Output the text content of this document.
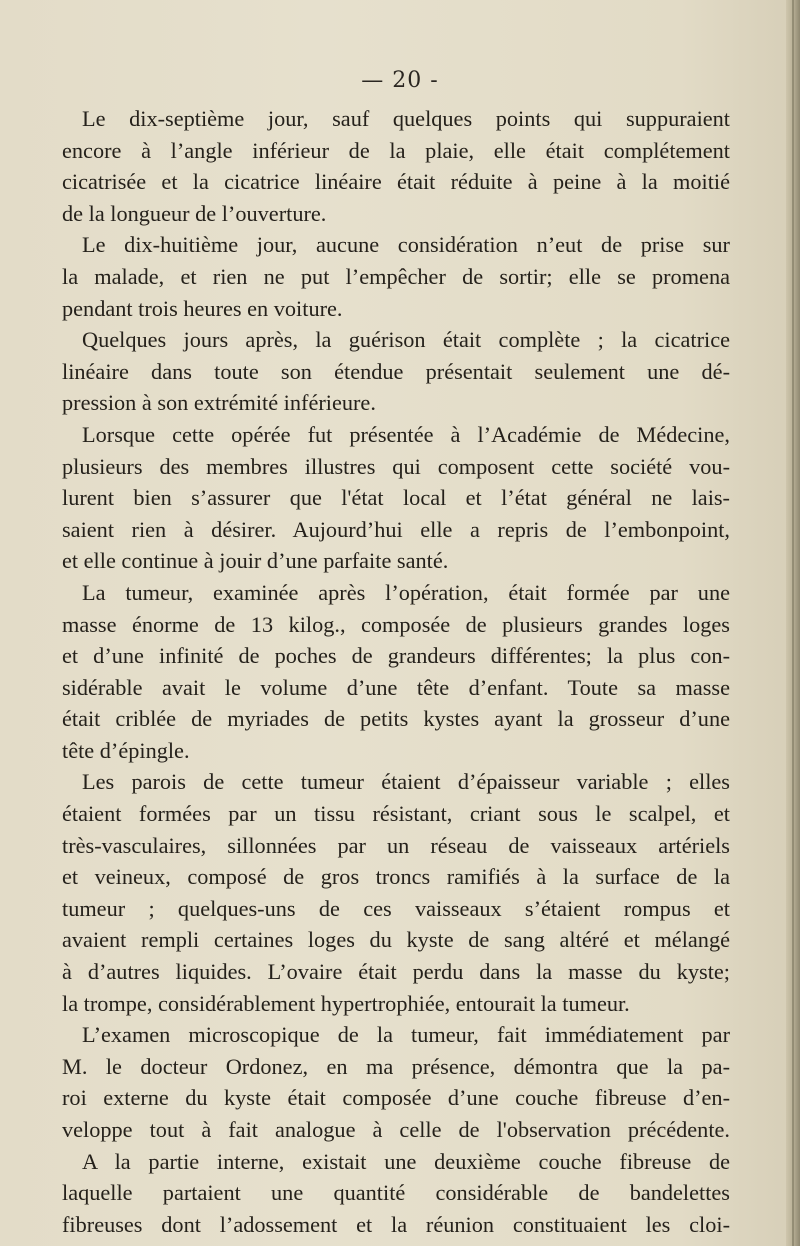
— 20 -
Le dix-septième jour, sauf quelques points qui suppuraient
encore à l’angle inférieur de la plaie, elle était complétement
cicatrisée et la cicatrice linéaire était réduite à peine à la moitié
de la longueur de l’ouverture.
Le dix-huitième jour, aucune considération n’eut de prise sur
la malade, et rien ne put l’empêcher de sortir; elle se promena
pendant trois heures en voiture.
Quelques jours après, la guérison était complète ; la cicatrice
linéaire dans toute son étendue présentait seulement une dé-
pression à son extrémité inférieure.
Lorsque cette opérée fut présentée à l’Académie de Médecine,
plusieurs des membres illustres qui composent cette société vou-
lurent bien s’assurer que l'état local et l’état général ne lais-
saient rien à désirer. Aujourd’hui elle a repris de l’embonpoint,
et elle continue à jouir d’une parfaite santé.
La tumeur, examinée après l’opération, était formée par une
masse énorme de 13 kilog., composée de plusieurs grandes loges
et d’une infinité de poches de grandeurs différentes; la plus con-
sidérable avait le volume d’une tête d’enfant. Toute sa masse
était criblée de myriades de petits kystes ayant la grosseur d’une
tête d’épingle.
Les parois de cette tumeur étaient d’épaisseur variable ; elles
étaient formées par un tissu résistant, criant sous le scalpel, et
très-vasculaires, sillonnées par un réseau de vaisseaux artériels
et veineux, composé de gros troncs ramifiés à la surface de la
tumeur ; quelques-uns de ces vaisseaux s’étaient rompus et
avaient rempli certaines loges du kyste de sang altéré et mélangé
à d’autres liquides. L’ovaire était perdu dans la masse du kyste;
la trompe, considérablement hypertrophiée, entourait la tumeur.
L’examen microscopique de la tumeur, fait immédiatement par
M. le docteur Ordonez, en ma présence, démontra que la pa-
roi externe du kyste était composée d’une couche fibreuse d’en-
veloppe tout à fait analogue à celle de l'observation précédente.
A la partie interne, existait une deuxième couche fibreuse de
laquelle partaient une quantité considérable de bandelettes
fibreuses dont l’adossement et la réunion constituaient les cloi-
